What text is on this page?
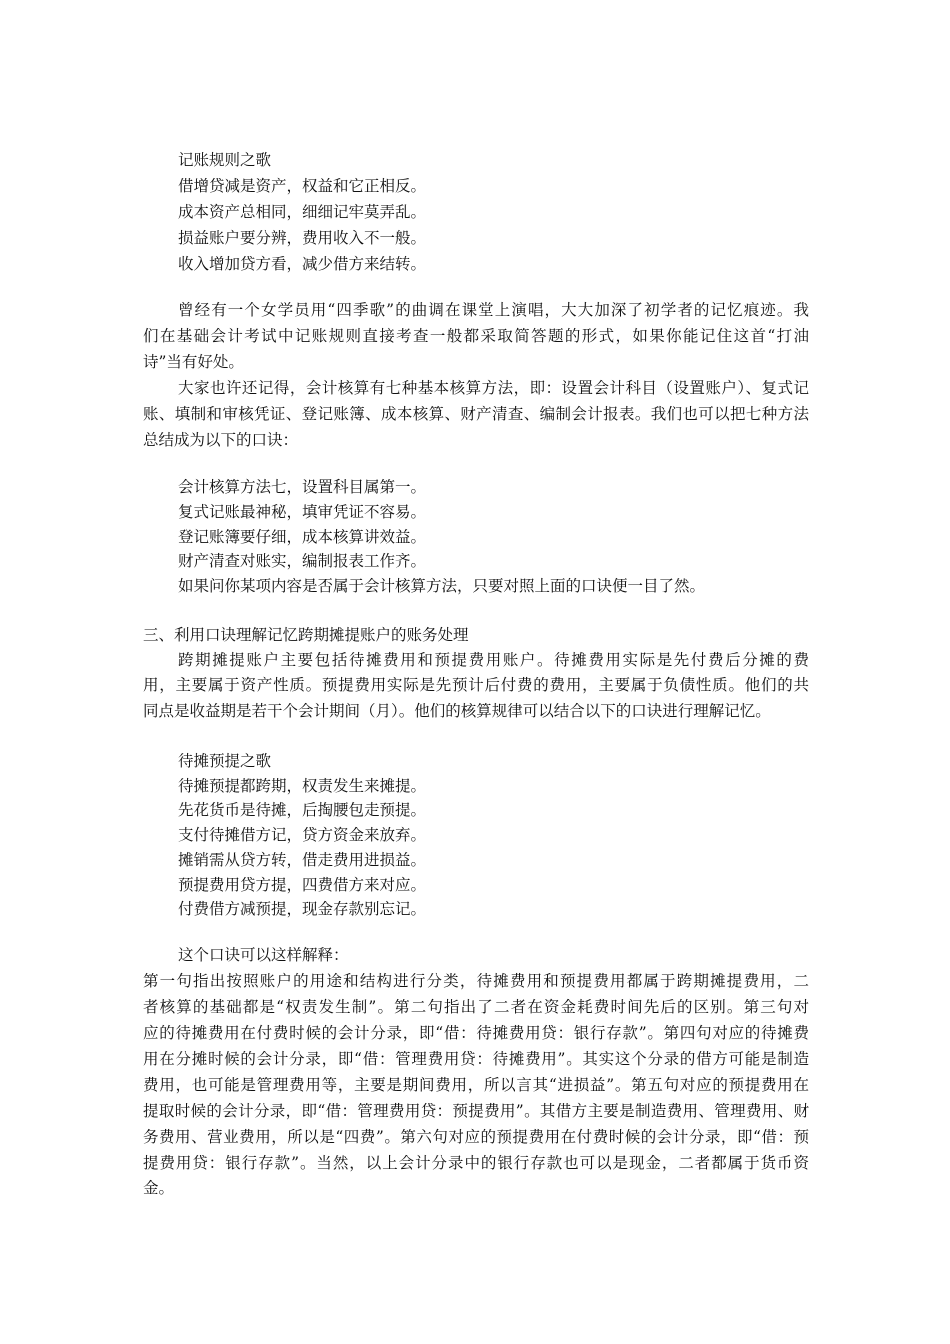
记账规则之歌
借增贷减是资产，权益和它正相反。
成本资产总相同，细细记牢莫弄乱。
损益账户要分辨，费用收入不一般。
收入增加贷方看，减少借方来结转。
曾经有一个女学员用“四季歌”的曲调在课堂上演唱，大大加深了初学者的记忆痕迹。我
们在基础会计考试中记账规则直接考查一般都采取简答题的形式，如果你能记住这首“打油
诗”当有好处。
大家也许还记得，会计核算有七种基本核算方法，即：设置会计科目（设置账户）、复式记
账、填制和审核凭证、登记账簿、成本核算、财产清查、编制会计报表。我们也可以把七种方法
总结成为以下的口诀：
会计核算方法七，设置科目属第一。
复式记账最神秘，填审凭证不容易。
登记账簿要仔细，成本核算讲效益。
财产清查对账实，编制报表工作齐。
如果问你某项内容是否属于会计核算方法，只要对照上面的口诀便一目了然。
三、利用口诀理解记忆跨期摊提账户的账务处理
跨期摊提账户主要包括待摊费用和预提费用账户。待摊费用实际是先付费后分摊的费
用，主要属于资产性质。预提费用实际是先预计后付费的费用，主要属于负债性质。他们的共
同点是收益期是若干个会计期间（月）。他们的核算规律可以结合以下的口诀进行理解记忆。
待摊预提之歌
待摊预提都跨期，权责发生来摊提。
先花货币是待摊，后掏腰包走预提。
支付待摊借方记，贷方资金来放弃。
摊销需从贷方转，借走费用进损益。
预提费用贷方提，四费借方来对应。
付费借方减预提，现金存款别忘记。
这个口诀可以这样解释：
第一句指出按照账户的用途和结构进行分类，待摊费用和预提费用都属于跨期摊提费用，二
者核算的基础都是“权责发生制”。第二句指出了二者在资金耗费时间先后的区别。第三句对
应的待摊费用在付费时候的会计分录，即“借：待摊费用贷：银行存款”。第四句对应的待摊费
用在分摊时候的会计分录，即“借：管理费用贷：待摊费用”。其实这个分录的借方可能是制造
费用，也可能是管理费用等，主要是期间费用，所以言其“进损益”。第五句对应的预提费用在
提取时候的会计分录，即“借：管理费用贷：预提费用”。其借方主要是制造费用、管理费用、财
务费用、营业费用，所以是“四费”。第六句对应的预提费用在付费时候的会计分录，即“借：预
提费用贷：银行存款”。当然，以上会计分录中的银行存款也可以是现金，二者都属于货币资
金。
